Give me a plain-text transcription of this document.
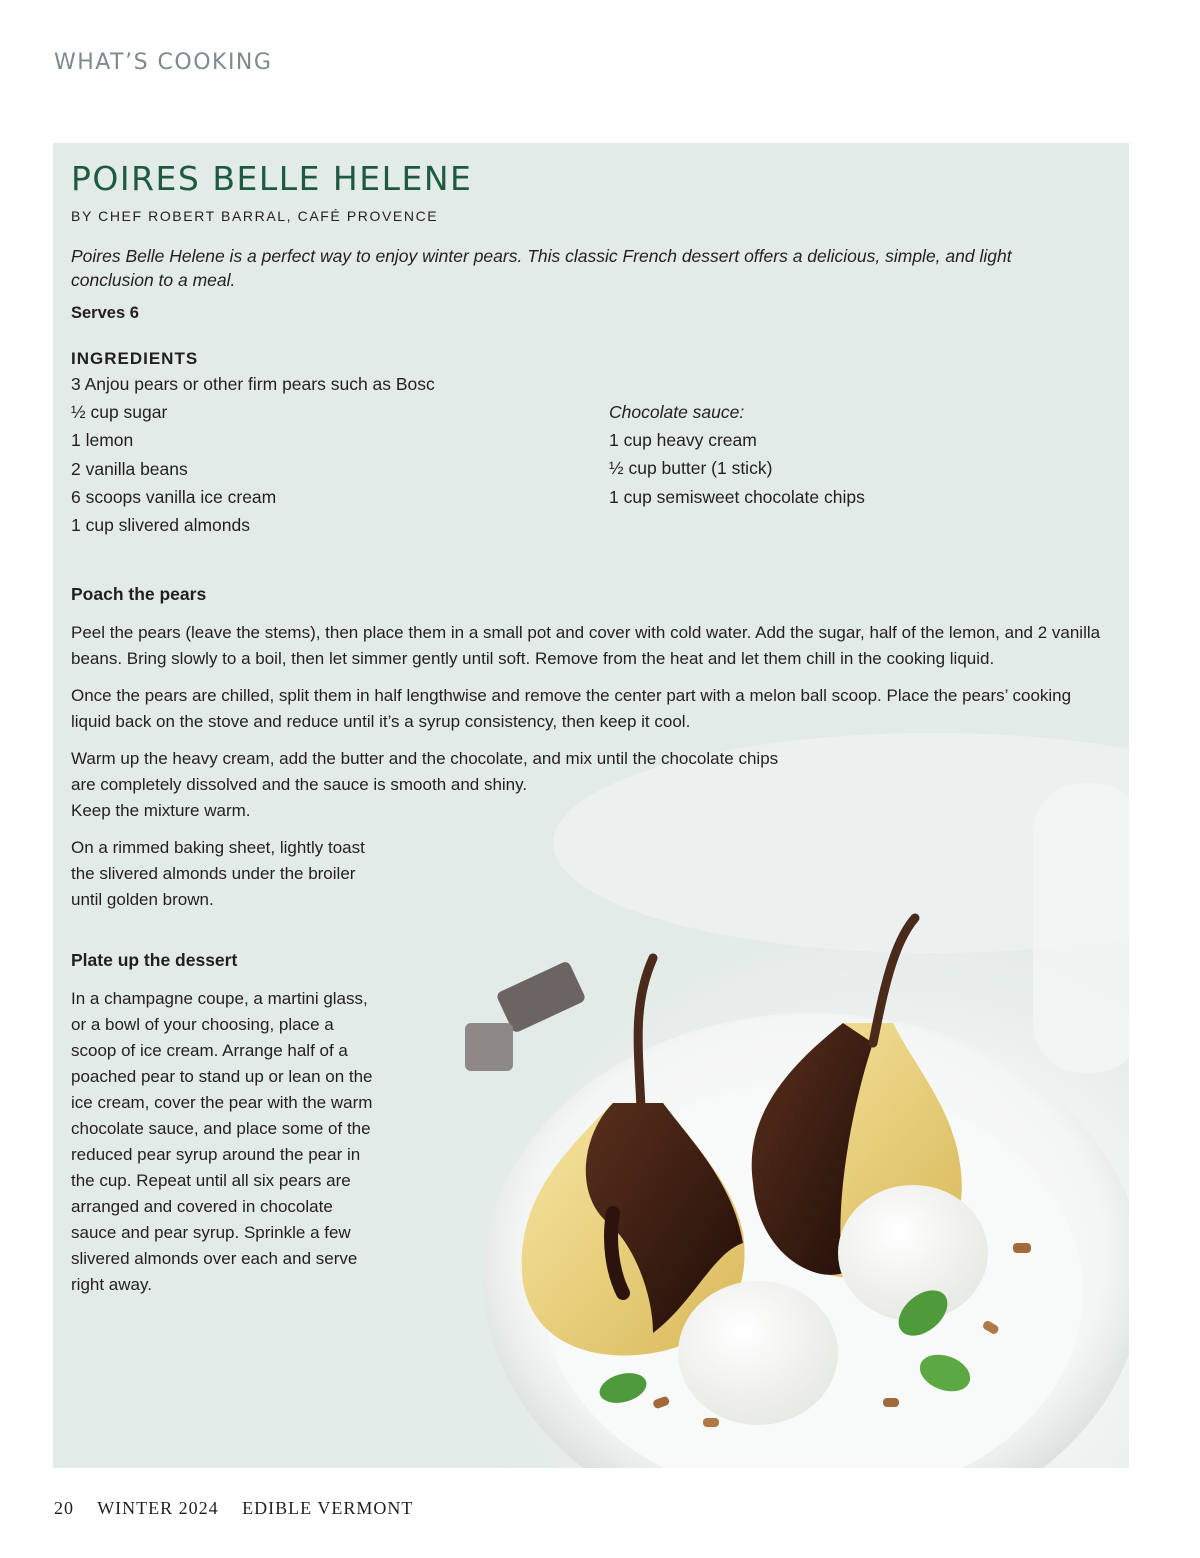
WHAT’S COOKING
POIRES BELLE HELENE
BY CHEF ROBERT BARRAL, CAFÉ PROVENCE

Poires Belle Helene is a perfect way to enjoy winter pears. This classic French dessert offers a delicious, simple, and light conclusion to a meal.

Serves 6
INGREDIENTS
3 Anjou pears or other firm pears such as Bosc
½ cup sugar
1 lemon
2 vanilla beans
6 scoops vanilla ice cream
1 cup slivered almonds
Chocolate sauce:
1 cup heavy cream
½ cup butter (1 stick)
1 cup semisweet chocolate chips
Poach the pears

Peel the pears (leave the stems), then place them in a small pot and cover with cold water. Add the sugar, half of the lemon, and 2 vanilla beans. Bring slowly to a boil, then let simmer gently until soft. Remove from the heat and let them chill in the cooking liquid.

Once the pears are chilled, split them in half lengthwise and remove the center part with a melon ball scoop. Place the pears’ cooking liquid back on the stove and reduce until it’s a syrup consistency, then keep it cool.

Warm up the heavy cream, add the butter and the chocolate, and mix until the chocolate chips
are completely dissolved and the sauce is smooth and shiny.
Keep the mixture warm.

On a rimmed baking sheet, lightly toast the slivered almonds under the broiler until golden brown.

Plate up the dessert

In a champagne coupe, a martini glass, or a bowl of your choosing, place a scoop of ice cream. Arrange half of a poached pear to stand up or lean on the ice cream, cover the pear with the warm chocolate sauce, and place some of the reduced pear syrup around the pear in the cup. Repeat until all six pears are arranged and covered in chocolate sauce and pear syrup. Sprinkle a few slivered almonds over each and serve right away.

20 WINTER 2024 EDIBLE VERMONT
